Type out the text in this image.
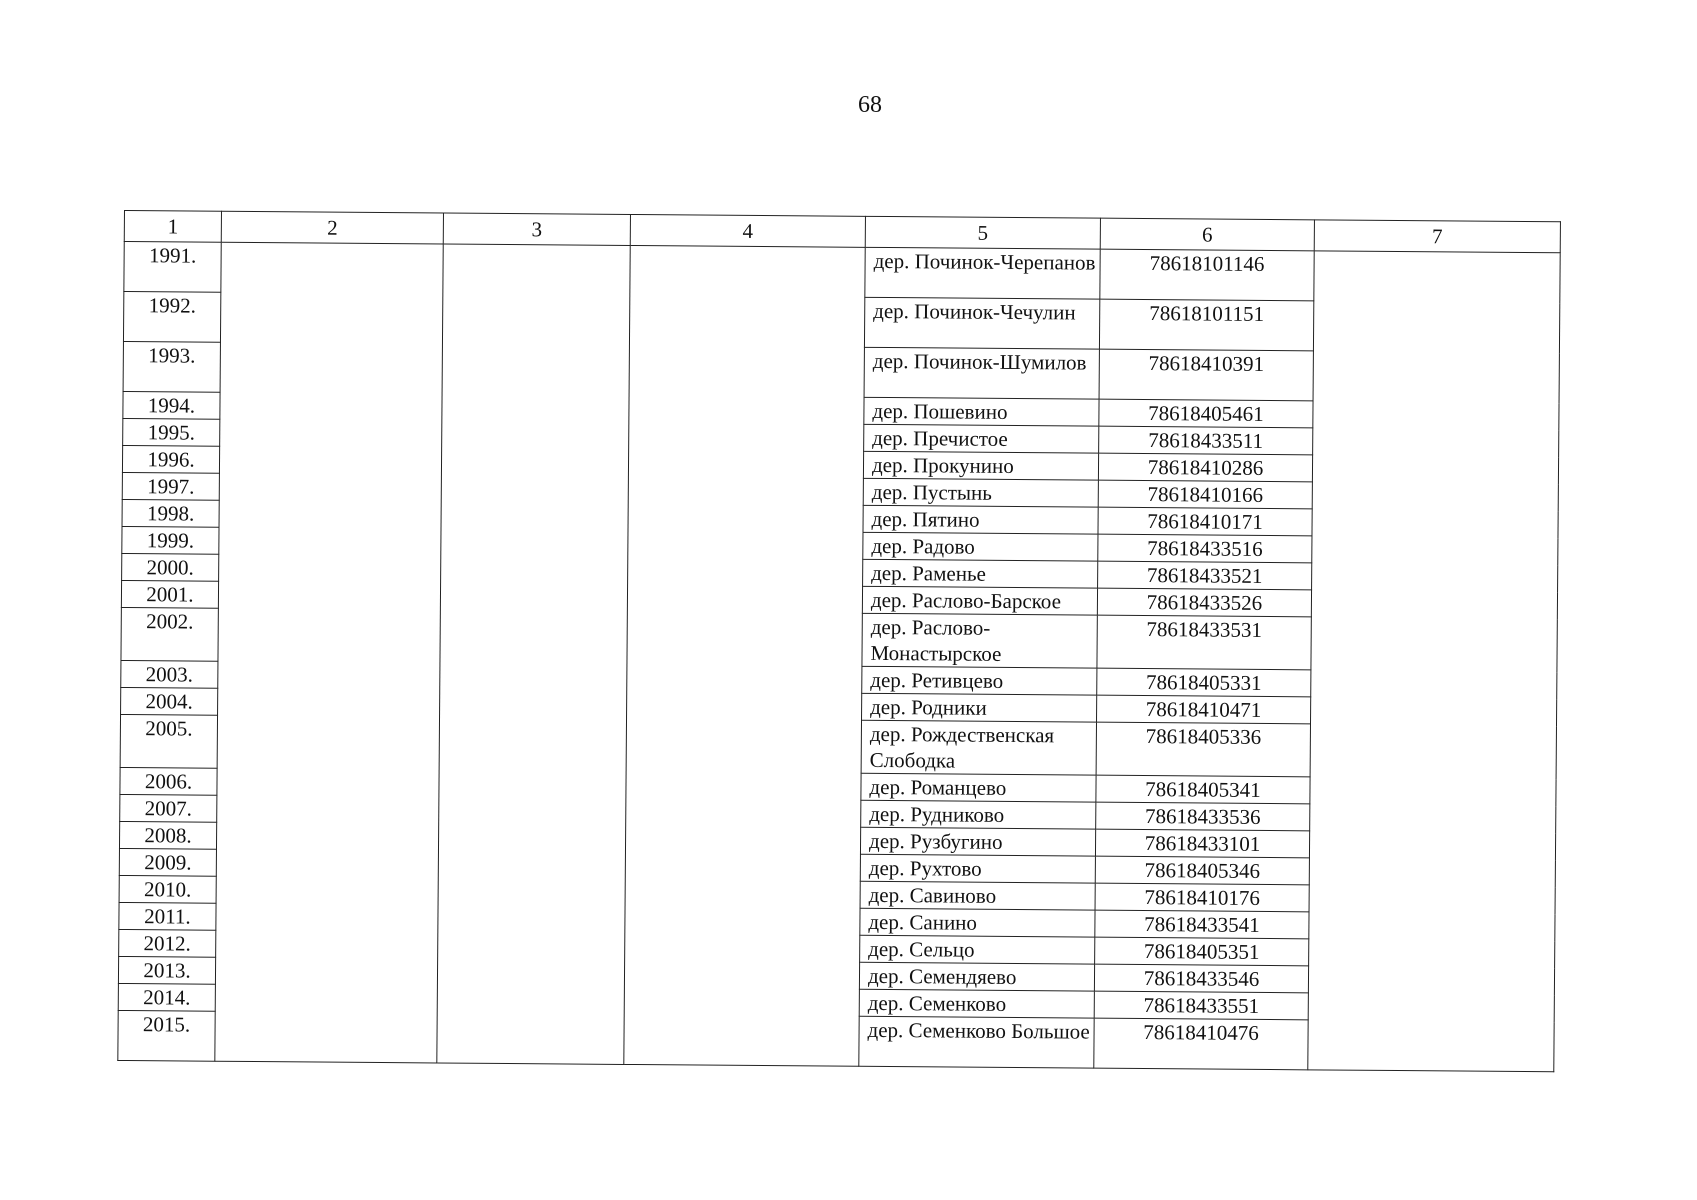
68
1	2	3	4	5	6	7

1991.				дер. Починок-Черепанов	78618101146	

1992.				дер. Починок-Чечулин	78618101151	

1993.				дер. Починок-Шумилов	78618410391	

1994.				дер. Пошевино	78618405461	

1995.				дер. Пречистое	78618433511	

1996.				дер. Прокунино	78618410286	

1997.				дер. Пустынь	78618410166	

1998.				дер. Пятино	78618410171	

1999.				дер. Радово	78618433516	

2000.				дер. Раменье	78618433521	

2001.				дер. Раслово-Барское	78618433526	

2002.				дер. Раслово-Монастырское	78618433531	

2003.				дер. Ретивцево	78618405331	

2004.				дер. Родники	78618410471	

2005.				дер. Рождественская Слободка	78618405336	

2006.				дер. Романцево	78618405341	

2007.				дер. Рудниково	78618433536	

2008.				дер. Рузбугино	78618433101	

2009.				дер. Рухтово	78618405346	

2010.				дер. Савиново	78618410176	

2011.				дер. Санино	78618433541	

2012.				дер. Сельцо	78618405351	

2013.				дер. Семендяево	78618433546	

2014.				дер. Семенково	78618433551	

2015.				дер. Семенково Большое	78618410476	
